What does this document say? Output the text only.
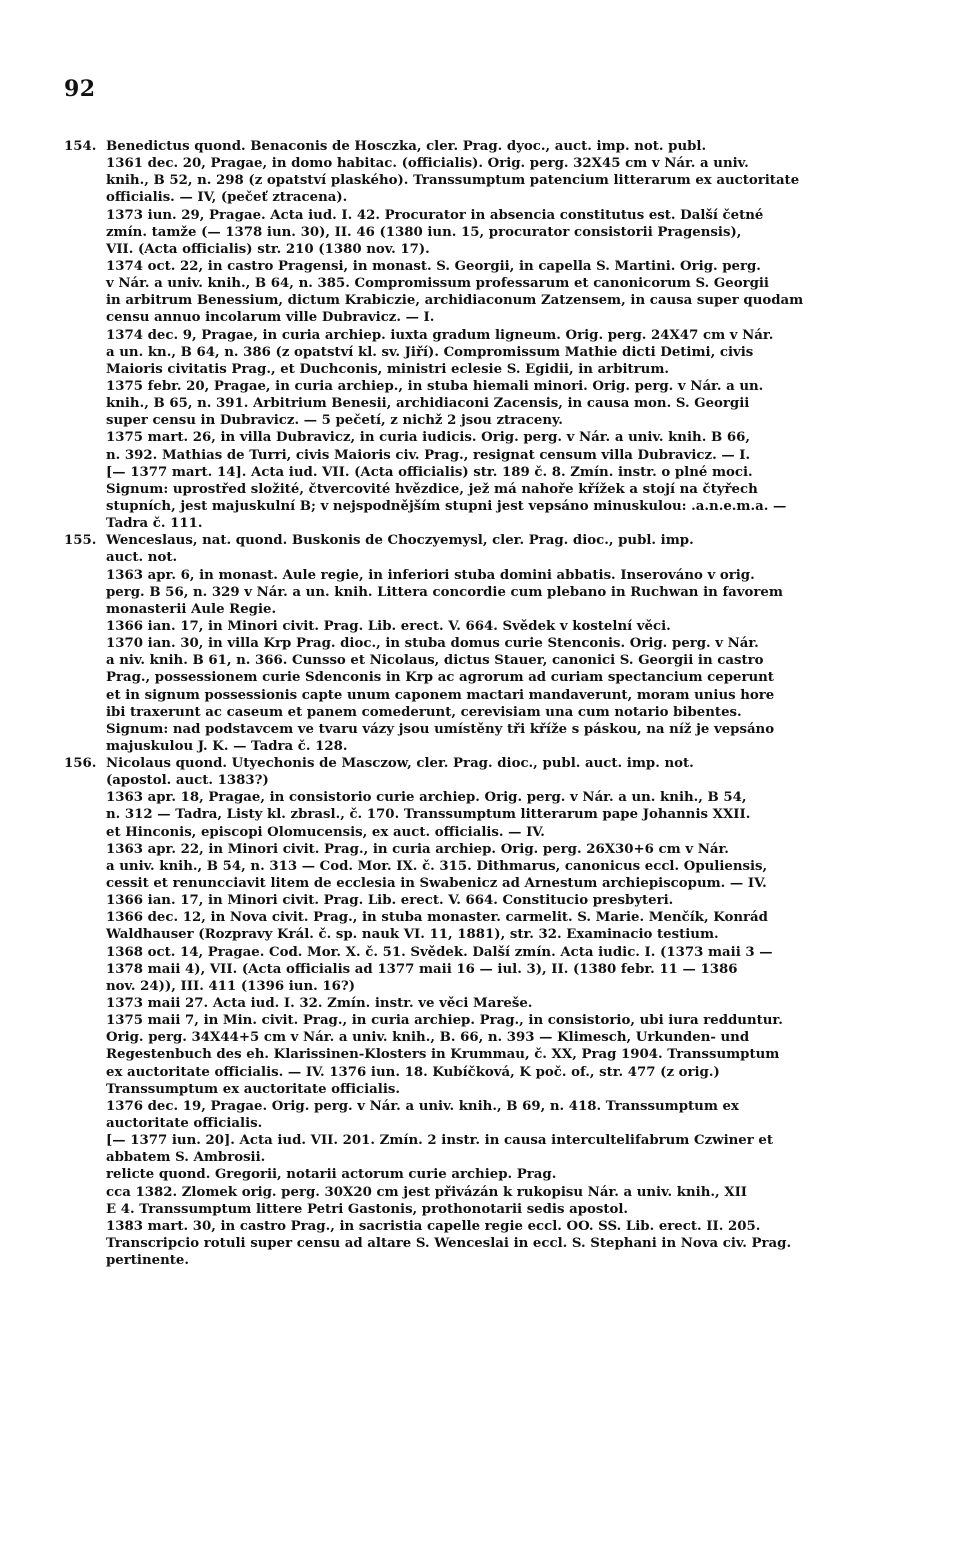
92
154. Benedictus quond. Benaconis de Hosczka, cler. Prag. dyoc., auct. imp. not. publ.
1361 dec. 20, Pragae, in domo habitac. (officialis). Orig. perg. 32X45 cm v Nár. a univ.
knih., B 52, n. 298 (z opatství plaského). Transsumptum patencium litterarum ex auctoritate
officialis. — IV, (pečeť ztracena).
1373 iun. 29, Pragae. Acta iud. I. 42. Procurator in absencia constitutus est. Další četné
zmín. tamže (— 1378 iun. 30), II. 46 (1380 iun. 15, procurator consistorii Pragensis),
VII. (Acta officialis) str. 210 (1380 nov. 17).
1374 oct. 22, in castro Pragensi, in monast. S. Georgii, in capella S. Martini. Orig. perg.
v Nár. a univ. knih., B 64, n. 385. Compromissum professarum et canonicorum S. Georgii
in arbitrum Benessium, dictum Krabiczie, archidiaconum Zatzensem, in causa super quodam
censu annuo incolarum ville Dubravicz. — I.
1374 dec. 9, Pragae, in curia archiep. iuxta gradum ligneum. Orig. perg. 24X47 cm v Nár.
a un. kn., B 64, n. 386 (z opatství kl. sv. Jiří). Compromissum Mathie dicti Detimi, civis
Maioris civitatis Prag., et Duchconis, ministri eclesie S. Egidii, in arbitrum.
1375 febr. 20, Pragae, in curia archiep., in stuba hiemali minori. Orig. perg. v Nár. a un.
knih., B 65, n. 391. Arbitrium Benesii, archidiaconi Zacensis, in causa mon. S. Georgii
super censu in Dubravicz. — 5 pečetí, z nichž 2 jsou ztraceny.
1375 mart. 26, in villa Dubravicz, in curia iudicis. Orig. perg. v Nár. a univ. knih. B 66,
n. 392. Mathias de Turri, civis Maioris civ. Prag., resignat censum villa Dubravicz. — I.
[— 1377 mart. 14]. Acta iud. VII. (Acta officialis) str. 189 č. 8. Zmín. instr. o plné moci.
Signum: uprostřed složité, čtvercovité hvězdice, jež má nahoře křížek a stojí na čtyřech
stupních, jest majuskulní B; v nejspodnějším stupni jest vepsáno minuskulou: .a.n.e.m.a. —
Tadra č. 111.
155. Wenceslaus, nat. quond. Buskonis de Choczyemysl, cler. Prag. dioc., publ. imp.
auct. not.
1363 apr. 6, in monast. Aule regie, in inferiori stuba domini abbatis. Inserováno v orig.
perg. B 56, n. 329 v Nár. a un. knih. Littera concordie cum plebano in Ruchwan in favorem
monasterii Aule Regie.
1366 ian. 17, in Minori civit. Prag. Lib. erect. V. 664. Svědek v kostelní věci.
1370 ian. 30, in villa Krp Prag. dioc., in stuba domus curie Stenconis. Orig. perg. v Nár.
a niv. knih. B 61, n. 366. Cunsso et Nicolaus, dictus Stauer, canonici S. Georgii in castro
Prag., possessionem curie Sdenconis in Krp ac agrorum ad curiam spectancium ceperunt
et in signum possessionis capte unum caponem mactari mandaverunt, moram unius hore
ibi traxerunt ac caseum et panem comederunt, cerevisiam una cum notario bibentes.
Signum: nad podstavcem ve tvaru vázy jsou umístěny tři kříže s páskou, na níž je vepsáno
majuskulou J. K. — Tadra č. 128.
156. Nicolaus quond. Utyechonis de Masczow, cler. Prag. dioc., publ. auct. imp. not.
(apostol. auct. 1383?)
1363 apr. 18, Pragae, in consistorio curie archiep. Orig. perg. v Nár. a un. knih., B 54,
n. 312 — Tadra, Listy kl. zbrasl., č. 170. Transsumptum litterarum pape Johannis XXII.
et Hinconis, episcopi Olomucensis, ex auct. officialis. — IV.
1363 apr. 22, in Minori civit. Prag., in curia archiep. Orig. perg. 26X30+6 cm v Nár.
a univ. knih., B 54, n. 313 — Cod. Mor. IX. č. 315. Dithmarus, canonicus eccl. Opuliensis,
cessit et renuncciavit litem de ecclesia in Swabenicz ad Arnestum archiepiscopum. — IV.
1366 ian. 17, in Minori civit. Prag. Lib. erect. V. 664. Constitucio presbyteri.
1366 dec. 12, in Nova civit. Prag., in stuba monaster. carmelit. S. Marie. Menčík, Konrád
Waldhauser (Rozpravy Král. č. sp. nauk VI. 11, 1881), str. 32. Examinacio testium.
1368 oct. 14, Pragae. Cod. Mor. X. č. 51. Svědek. Další zmín. Acta iudic. I. (1373 maii 3 —
1378 maii 4), VII. (Acta officialis ad 1377 maii 16 — iul. 3), II. (1380 febr. 11 — 1386
nov. 24)), III. 411 (1396 iun. 16?)
1373 maii 27. Acta iud. I. 32. Zmín. instr. ve věci Mareše.
1375 maii 7, in Min. civit. Prag., in curia archiep. Prag., in consistorio, ubi iura redduntur.
Orig. perg. 34X44+5 cm v Nár. a univ. knih., B. 66, n. 393 — Klimesch, Urkunden- und
Regestenbuch des eh. Klarissinen-Klosters in Krummau, č. XX, Prag 1904. Transsumptum
ex auctoritate officialis. — IV. 1376 iun. 18. Kubíčková, K poč. of., str. 477 (z orig.)
Transsumptum ex auctoritate officialis.
1376 dec. 19, Pragae. Orig. perg. v Nár. a univ. knih., B 69, n. 418. Transsumptum ex
auctoritate officialis.
[— 1377 iun. 20]. Acta iud. VII. 201. Zmín. 2 instr. in causa intercultelifabrum Czwiner et
abbatem S. Ambrosii.
relicte quond. Gregorii, notarii actorum curie archiep. Prag.
cca 1382. Zlomek orig. perg. 30X20 cm jest přivázán k rukopisu Nár. a univ. knih., XII
E 4. Transsumptum littere Petri Gastonis, prothonotarii sedis apostol.
1383 mart. 30, in castro Prag., in sacristia capelle regie eccl. OO. SS. Lib. erect. II. 205.
Transcripcio rotuli super censu ad altare S. Wenceslai in eccl. S. Stephani in Nova civ. Prag.
pertinente.
